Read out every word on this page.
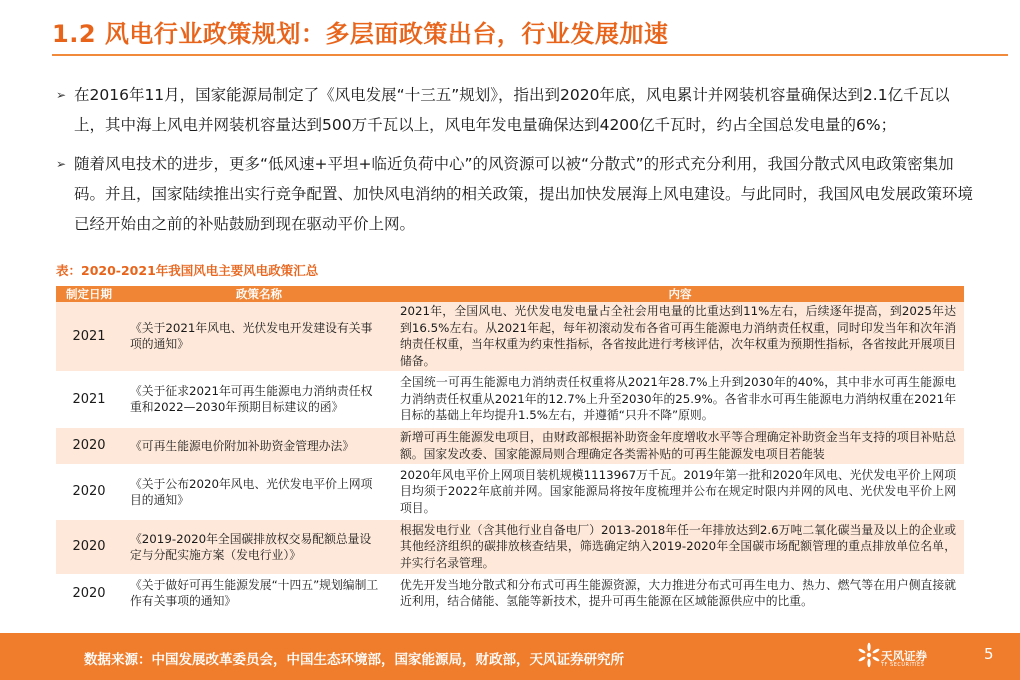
1.2 风电行业政策规划：多层面政策出台，行业发展加速
➢ 在2016年11月，国家能源局制定了《风电发展“十三五”规划》，指出到2020年底，风电累计并网装机容量确保达到2.1亿千瓦以上，其中海上风电并网装机容量达到500万千瓦以上，风电年发电量确保达到4200亿千瓦时，约占全国总发电量的6%；
➢ 随着风电技术的进步，更多“低风速+平坦+临近负荷中心”的风资源可以被“分散式”的形式充分利用，我国分散式风电政策密集加码。并且，国家陆续推出实行竞争配置、加快风电消纳的相关政策，提出加快发展海上风电建设。与此同时，我国风电发展政策环境已经开始由之前的补贴鼓励到现在驱动平价上网。
表：2020-2021年我国风电主要风电政策汇总
制定日期	政策名称	内容
2021	《关于2021年风电、光伏发电开发建设有关事项的通知》	2021年，全国风电、光伏发电发电量占全社会用电量的比重达到11%左右，后续逐年提高，到2025年达到16.5%左右。从2021年起，每年初滚动发布各省可再生能源电力消纳责任权重，同时印发当年和次年消纳责任权重，当年权重为约束性指标，各省按此进行考核评估，次年权重为预期性指标，各省按此开展项目储备。
2021	《关于征求2021年可再生能源电力消纳责任权重和2022—2030年预期目标建议的函》	全国统一可再生能源电力消纳责任权重将从2021年28.7%上升到2030年的40%，其中非水可再生能源电力消纳责任权重从2021年的12.7%上升至2030年的25.9%。各省非水可再生能源电力消纳权重在2021年目标的基础上年均提升1.5%左右，并遵循“只升不降”原则。
2020	《可再生能源电价附加补助资金管理办法》	新增可再生能源发电项目，由财政部根据补助资金年度增收水平等合理确定补助资金当年支持的项目补贴总额。国家发改委、国家能源局则合理确定各类需补贴的可再生能源发电项目若能装
2020	《关于公布2020年风电、光伏发电平价上网项目的通知》	2020年风电平价上网项目装机规模1113967万千瓦。2019年第一批和2020年风电、光伏发电平价上网项目均须于2022年底前并网。国家能源局将按年度梳理并公布在规定时限内并网的风电、光伏发电平价上网项目。
2020	《2019-2020年全国碳排放权交易配额总量设定与分配实施方案（发电行业）》	根据发电行业（含其他行业自备电厂）2013-2018年任一年排放达到2.6万吨二氧化碳当量及以上的企业或其他经济组织的碳排放核查结果，筛选确定纳入2019-2020年全国碳市场配额管理的重点排放单位名单，并实行名录管理。
2020	《关于做好可再生能源发展“十四五”规划编制工作有关事项的通知》	优先开发当地分散式和分布式可再生能源资源，大力推进分布式可再生电力、热力、燃气等在用户侧直接就近利用，结合储能、氢能等新技术，提升可再生能源在区域能源供应中的比重。
数据来源：中国发展改革委员会，中国生态环境部，国家能源局，财政部，天风证券研究所	天风证券
TF SECURITIES
5
